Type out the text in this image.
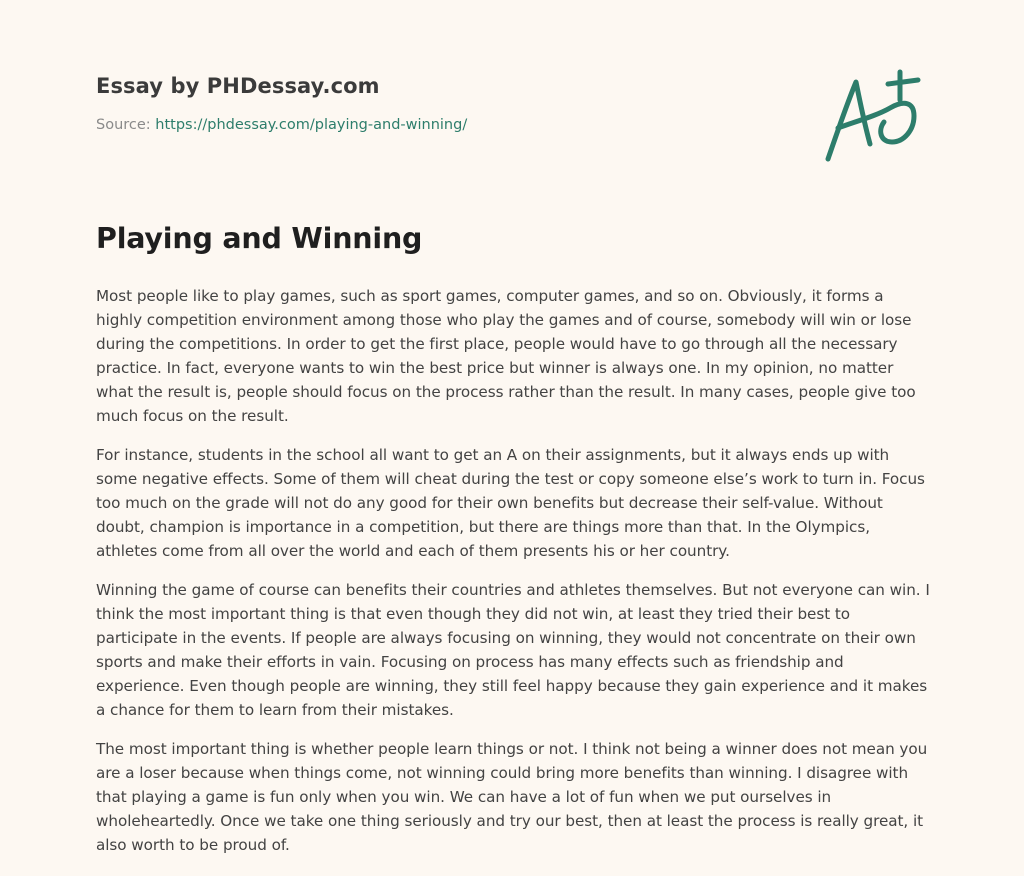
Essay by PHDessay.com

Source: https://phdessay.com/playing-and-winning/
Playing and Winning

Most people like to play games, such as sport games, computer games, and so on. Obviously, it forms a highly competition environment among those who play the games and of course, somebody will win or lose during the competitions. In order to get the first place, people would have to go through all the necessary practice. In fact, everyone wants to win the best price but winner is always one. In my opinion, no matter what the result is, people should focus on the process rather than the result. In many cases, people give too much focus on the result.

For instance, students in the school all want to get an A on their assignments, but it always ends up with some negative effects. Some of them will cheat during the test or copy someone else’s work to turn in. Focus too much on the grade will not do any good for their own benefits but decrease their self-value. Without doubt, champion is importance in a competition, but there are things more than that. In the Olympics, athletes come from all over the world and each of them presents his or her country.

Winning the game of course can benefits their countries and athletes themselves. But not everyone can win. I think the most important thing is that even though they did not win, at least they tried their best to participate in the events. If people are always focusing on winning, they would not concentrate on their own sports and make their efforts in vain. Focusing on process has many effects such as friendship and experience. Even though people are winning, they still feel happy because they gain experience and it makes a chance for them to learn from their mistakes.

The most important thing is whether people learn things or not. I think not being a winner does not mean you are a loser because when things come, not winning could bring more benefits than winning. I disagree with that playing a game is fun only when you win. We can have a lot of fun when we put ourselves in wholeheartedly. Once we take one thing seriously and try our best, then at least the process is really great, it also worth to be proud of.
